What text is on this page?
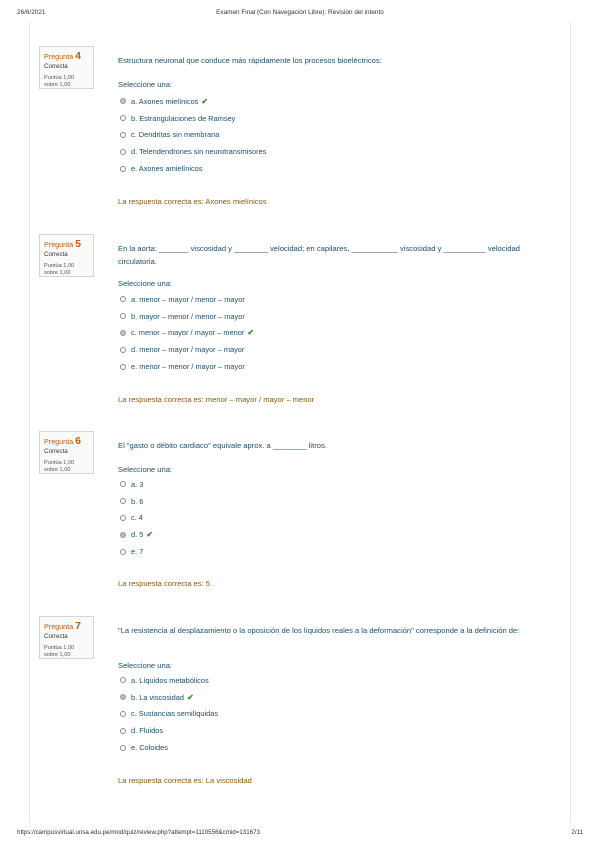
26/6/2021	Examen Final (Con Navegación Libre): Revisión del intento
Pregunta 4
Correcta
Puntúa 1,00
sobre 1,00
Estructura neuronal que conduce más rápidamente los procesos bioeléctricos:
Seleccione una:
a. Axones mielínicos ✔
b. Estrangulaciones de Ramsey
c. Dendritas sin membrana
d. Telendendrones sin neurotransmisores
e. Axones amielínicos
La respuesta correcta es: Axones mielínicos
Pregunta 5
Correcta
Puntúa 1,00
sobre 1,00
En la aorta: _______ viscosidad y ________ velocidad; en capilares, ___________ viscosidad y __________ velocidad circulatoria.
Seleccione una:
a. menor – mayor / menor – mayor
b. mayor – menor / menor – mayor
c. menor – mayor / mayor – menor ✔
d. menor – mayor / mayor – mayor
e. menor – menor / mayor – mayor
La respuesta correcta es: menor – mayor / mayor – menor
Pregunta 6
Correcta
Puntúa 1,00
sobre 1,00
El "gasto o débito cardiaco" equivale aprox. a ________ litros.
Seleccione una:
a. 3
b. 6
c. 4
d. 5 ✔
e. 7
La respuesta correcta es: 5
Pregunta 7
Correcta
Puntúa 1,00
sobre 1,00
"La resistencia al desplazamiento o la oposición de los líquidos reales a la deformación" corresponde a la definición de:
Seleccione una:
a. Líquidos metabólicos
b. La viscosidad ✔
c. Sustancias semilíquidas
d. Fluidos
e. Coloides
La respuesta correcta es: La viscosidad
https://campusvirtual.unsa.edu.pe/mod/quiz/review.php?attempt=1110556&cmid=131673	2/11
